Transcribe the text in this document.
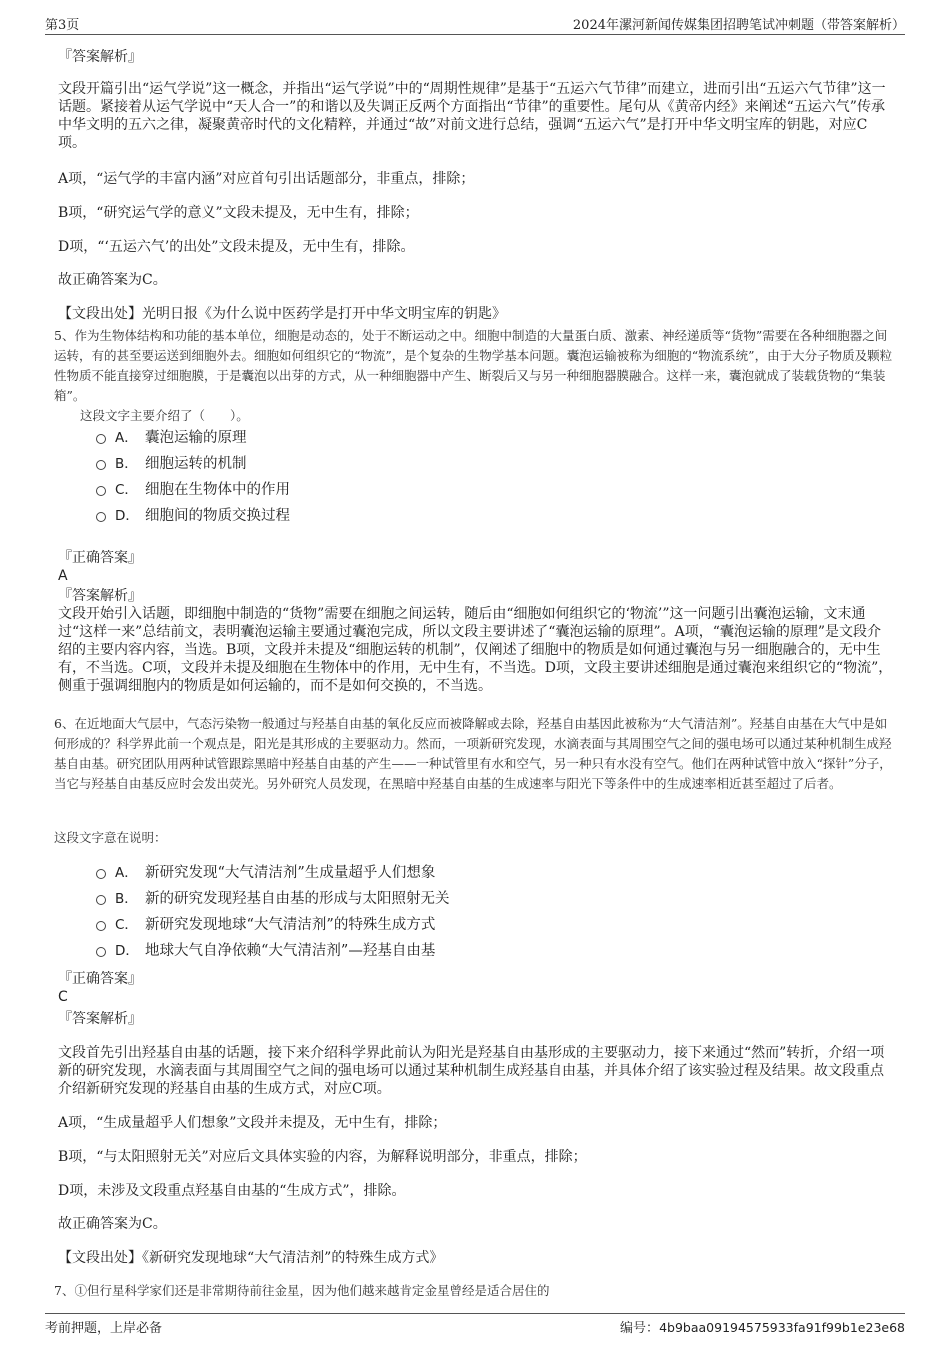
第3页	2024年漯河新闻传媒集团招聘笔试冲刺题（带答案解析）
『答案解析』
文段开篇引出“运气学说”这一概念，并指出“运气学说”中的“周期性规律”是基于“五运六气节律”而建立，进而引出“五运六气节律”这一话题。紧接着从运气学说中“天人合一”的和谐以及失调正反两个方面指出“节律”的重要性。尾句从《黄帝内经》来阐述“五运六气”传承中华文明的五六之律，凝聚黄帝时代的文化精粹，并通过“故”对前文进行总结，强调“五运六气”是打开中华文明宝库的钥匙，对应C项。
A项，“运气学的丰富内涵”对应首句引出话题部分，非重点，排除；
B项，“研究运气学的意义”文段未提及，无中生有，排除；
D项，“‘五运六气’的出处”文段未提及，无中生有，排除。
故正确答案为C。
【文段出处】光明日报《为什么说中医药学是打开中华文明宝库的钥匙》
5、作为生物体结构和功能的基本单位，细胞是动态的，处于不断运动之中。细胞中制造的大量蛋白质、激素、神经递质等“货物”需要在各种细胞器之间运转，有的甚至要运送到细胞外去。细胞如何组织它的“物流”，是个复杂的生物学基本问题。囊泡运输被称为细胞的“物流系统”，由于大分子物质及颗粒性物质不能直接穿过细胞膜，于是囊泡以出芽的方式，从一种细胞器中产生、断裂后又与另一种细胞器膜融合。这样一来，囊泡就成了装载货物的“集装箱”。
这段文字主要介绍了（　　）。
A． 囊泡运输的原理
B． 细胞运转的机制
C． 细胞在生物体中的作用
D． 细胞间的物质交换过程
『正确答案』
A
『答案解析』
文段开始引入话题，即细胞中制造的“货物”需要在细胞之间运转，随后由“细胞如何组织它的‘物流’”这一问题引出囊泡运输，文末通过“这样一来”总结前文，表明囊泡运输主要通过囊泡完成，所以文段主要讲述了“囊泡运输的原理”。A项，“囊泡运输的原理”是文段介绍的主要内容内容，当选。B项，文段并未提及“细胞运转的机制”，仅阐述了细胞中的物质是如何通过囊泡与另一细胞融合的，无中生有，不当选。C项，文段并未提及细胞在生物体中的作用，无中生有，不当选。D项，文段主要讲述细胞是通过囊泡来组织它的“物流”，侧重于强调细胞内的物质是如何运输的，而不是如何交换的，不当选。
6、在近地面大气层中，气态污染物一般通过与羟基自由基的氧化反应而被降解或去除，羟基自由基因此被称为“大气清洁剂”。羟基自由基在大气中是如何形成的？科学界此前一个观点是，阳光是其形成的主要驱动力。然而，一项新研究发现，水滴表面与其周围空气之间的强电场可以通过某种机制生成羟基自由基。研究团队用两种试管跟踪黑暗中羟基自由基的产生——一种试管里有水和空气，另一种只有水没有空气。他们在两种试管中放入“探针”分子，当它与羟基自由基反应时会发出荧光。另外研究人员发现，在黑暗中羟基自由基的生成速率与阳光下等条件中的生成速率相近甚至超过了后者。
这段文字意在说明：
A． 新研究发现“大气清洁剂”生成量超乎人们想象
B． 新的研究发现羟基自由基的形成与太阳照射无关
C． 新研究发现地球“大气清洁剂”的特殊生成方式
D． 地球大气自净依赖“大气清洁剂”—羟基自由基
『正确答案』
C
『答案解析』
文段首先引出羟基自由基的话题，接下来介绍科学界此前认为阳光是羟基自由基形成的主要驱动力，接下来通过“然而”转折，介绍一项新的研究发现，水滴表面与其周围空气之间的强电场可以通过某种机制生成羟基自由基，并具体介绍了该实验过程及结果。故文段重点介绍新研究发现的羟基自由基的生成方式，对应C项。
A项，“生成量超乎人们想象”文段并未提及，无中生有，排除；
B项，“与太阳照射无关”对应后文具体实验的内容，为解释说明部分，非重点，排除；
D项，未涉及文段重点羟基自由基的“生成方式”，排除。
故正确答案为C。
【文段出处】《新研究发现地球“大气清洁剂”的特殊生成方式》
7、①但行星科学家们还是非常期待前往金星，因为他们越来越肯定金星曾经是适合居住的
考前押题，上岸必备	编号：4b9baa09194575933fa91f99b1e23e68
